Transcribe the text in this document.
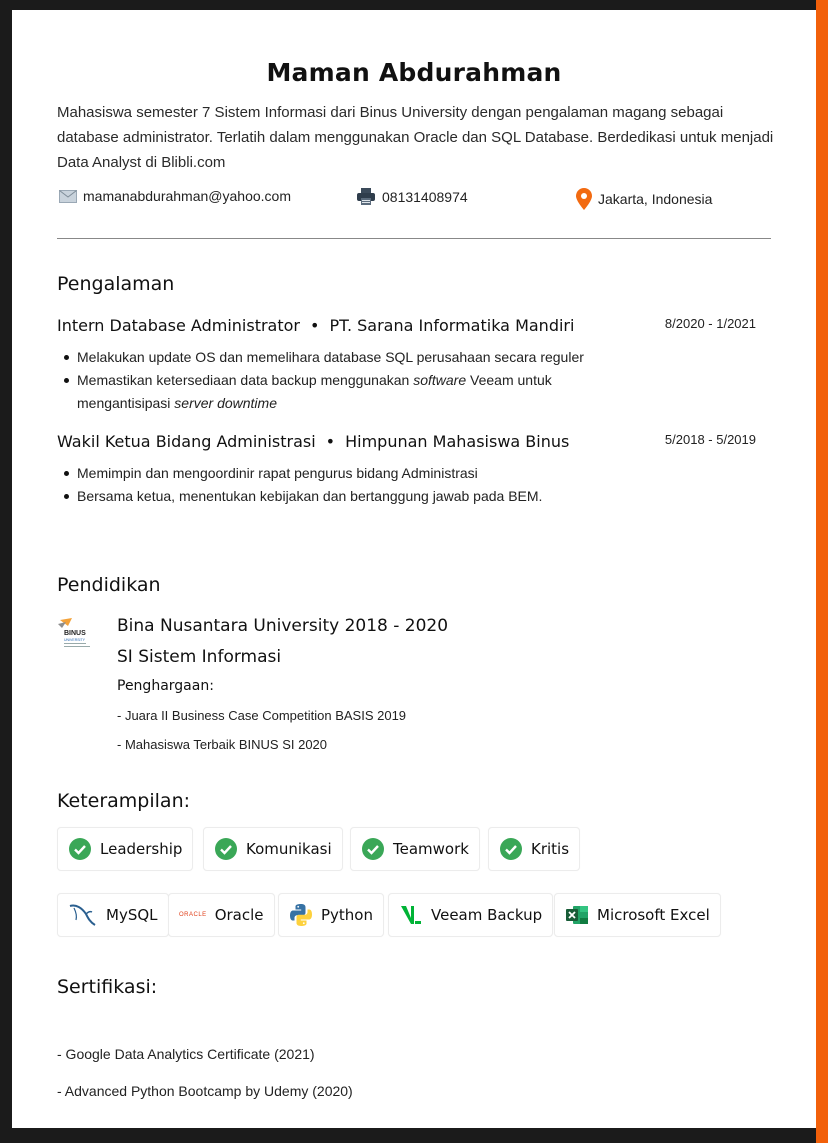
Maman Abdurahman
Mahasiswa semester 7 Sistem Informasi dari Binus University dengan pengalaman magang sebagai database administrator. Terlatih dalam menggunakan Oracle dan SQL Database. Berdedikasi untuk menjadi Data Analyst di Blibli.com
mamanabdurahman@yahoo.com	08131408974	Jakarta, Indonesia
Pengalaman
Intern Database Administrator • PT. Sarana Informatika Mandiri	8/2020 - 1/2021
Melakukan update OS dan memelihara database SQL perusahaan secara reguler
Memastikan ketersediaan data backup menggunakan software Veeam untuk mengantisipasi server downtime
Wakil Ketua Bidang Administrasi • Himpunan Mahasiswa Binus	5/2018 - 5/2019
Memimpin dan mengoordinir rapat pengurus bidang Administrasi
Bersama ketua, menentukan kebijakan dan bertanggung jawab pada BEM.
Pendidikan
BINUS
UNIVERSITY
Bina Nusantara University 2018 - 2020
SI Sistem Informasi
Penghargaan:
- Juara II Business Case Competition BASIS 2019
- Mahasiswa Terbaik BINUS SI 2020
Keterampilan:
Leadership	Komunikasi	Teamwork	Kritis
MySQL	ORACLE Oracle	Python	Veeam Backup	Microsoft Excel
Sertifikasi:
- Google Data Analytics Certificate (2021)
- Advanced Python Bootcamp by Udemy (2020)
